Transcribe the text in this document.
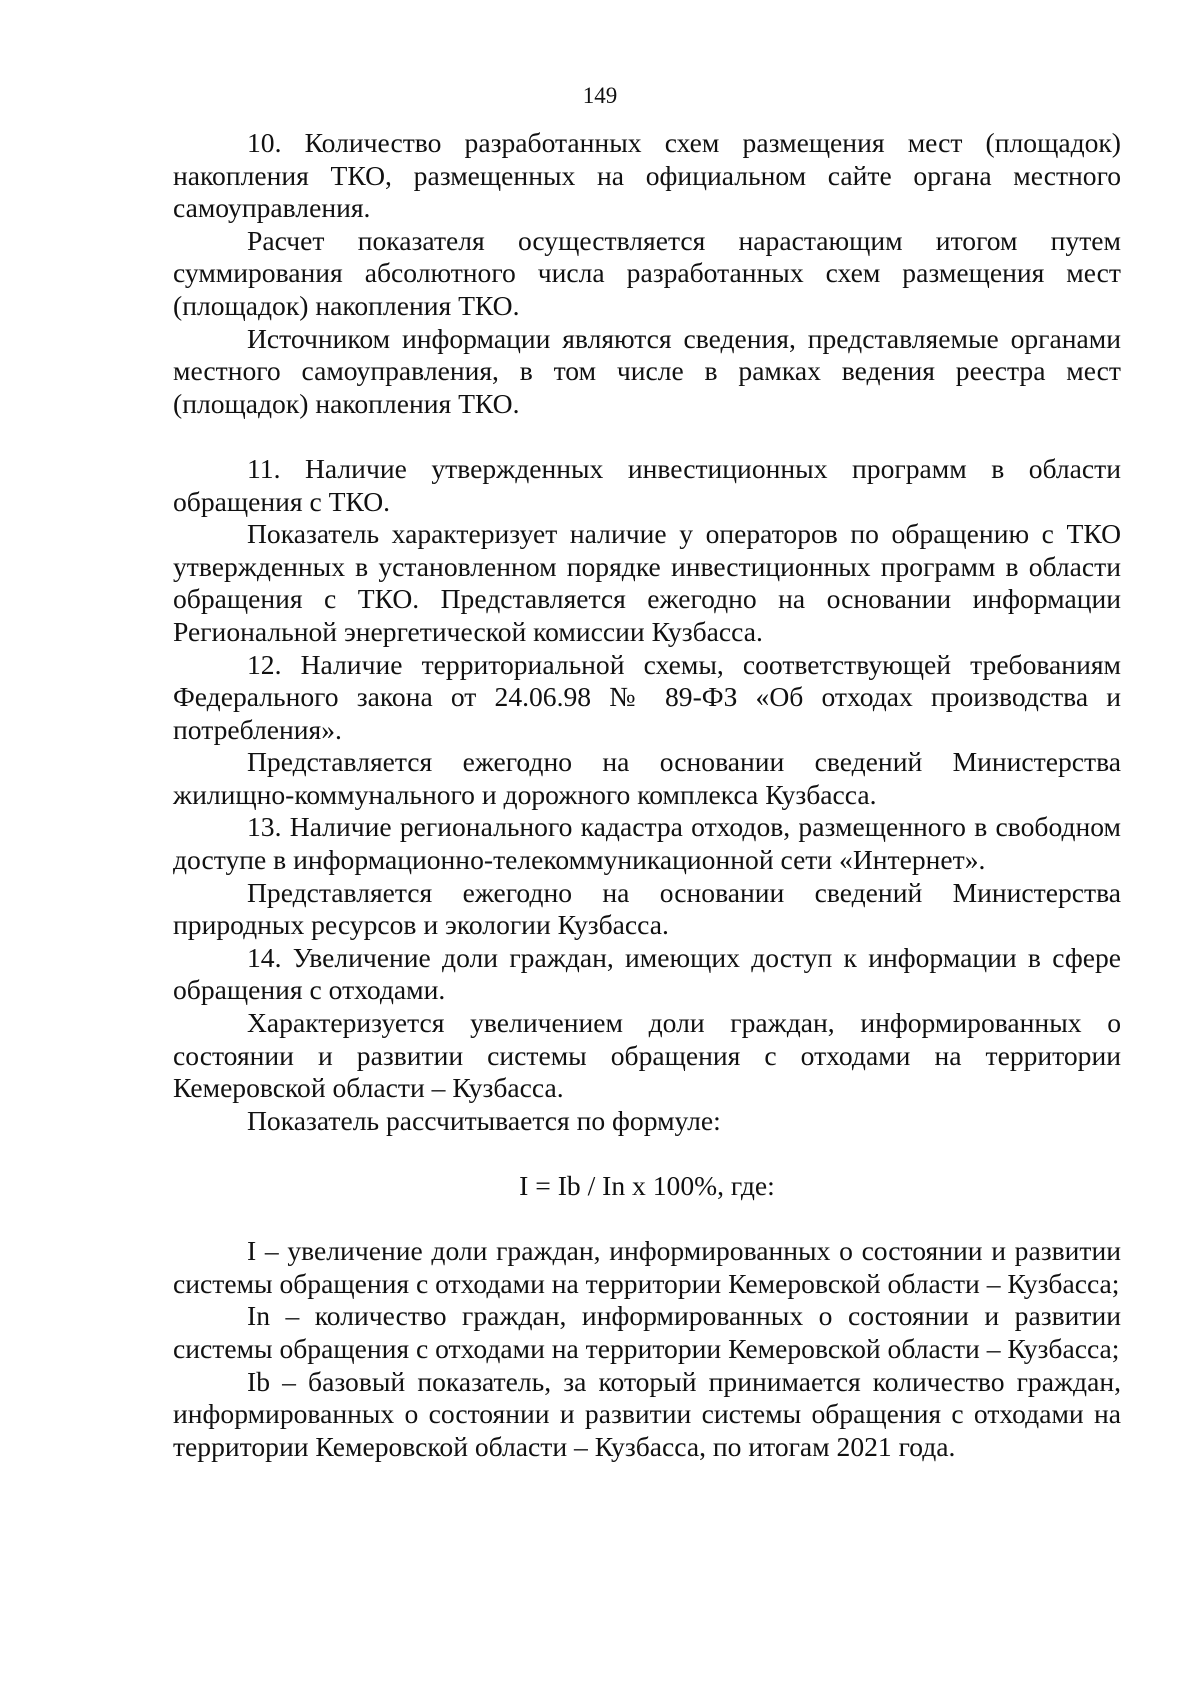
149

10. Количество разработанных схем размещения мест (площадок) накопления ТКО, размещенных на официальном сайте органа местного самоуправления.

Расчет показателя осуществляется нарастающим итогом путем суммирования абсолютного числа разработанных схем размещения мест (площадок) накопления ТКО.

Источником информации являются сведения, представляемые органами местного самоуправления, в том числе в рамках ведения реестра мест (площадок) накопления ТКО.

11. Наличие утвержденных инвестиционных программ в области обращения с ТКО.

Показатель характеризует наличие у операторов по обращению с ТКО утвержденных в установленном порядке инвестиционных программ в области обращения с ТКО. Представляется ежегодно на основании информации Региональной энергетической комиссии Кузбасса.

12. Наличие территориальной схемы, соответствующей требованиям Федерального закона от 24.06.98 № 89-ФЗ «Об отходах производства и потребления».

Представляется ежегодно на основании сведений Министерства жилищно-коммунального и дорожного комплекса Кузбасса.

13. Наличие регионального кадастра отходов, размещенного в свободном доступе в информационно-телекоммуникационной сети «Интернет».

Представляется ежегодно на основании сведений Министерства природных ресурсов и экологии Кузбасса.

14. Увеличение доли граждан, имеющих доступ к информации в сфере обращения с отходами.

Характеризуется увеличением доли граждан, информированных о состоянии и развитии системы обращения с отходами на территории Кемеровской области – Кузбасса.

Показатель рассчитывается по формуле:

I = Ib / In х 100%, где:

I – увеличение доли граждан, информированных о состоянии и развитии системы обращения с отходами на территории Кемеровской области – Кузбасса;

In – количество граждан, информированных о состоянии и развитии системы обращения с отходами на территории Кемеровской области – Кузбасса;

Ib – базовый показатель, за который принимается количество граждан, информированных о состоянии и развитии системы обращения с отходами на территории Кемеровской области – Кузбасса, по итогам 2021 года.
